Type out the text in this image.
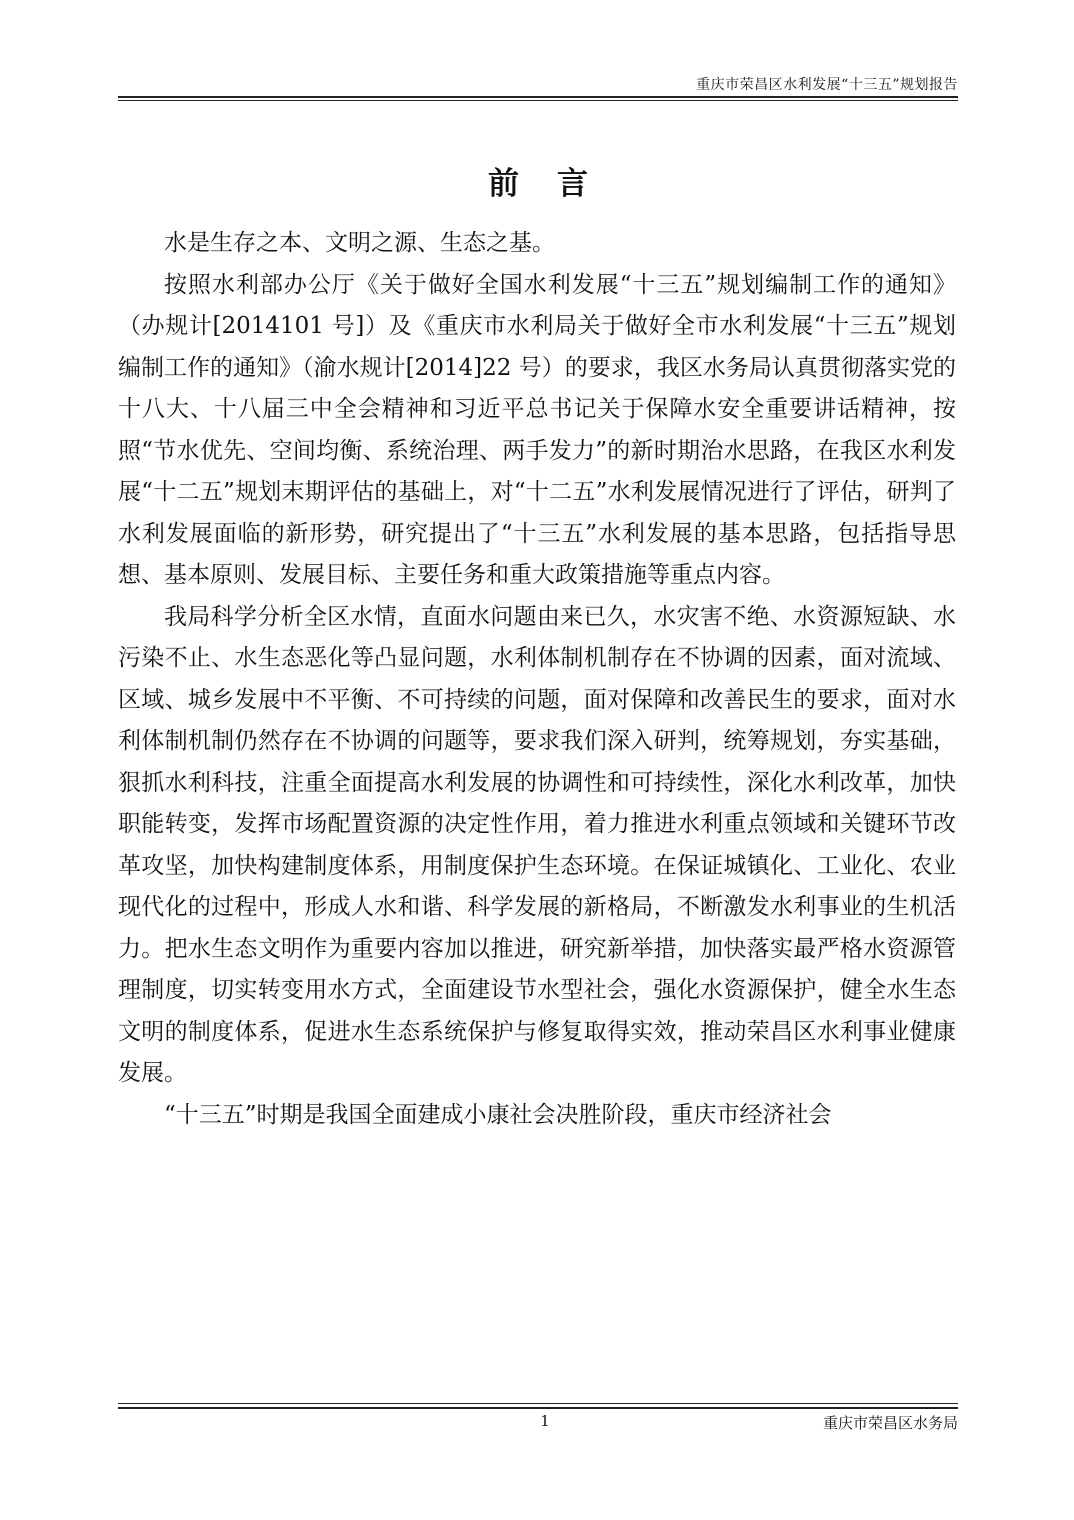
重庆市荣昌区水利发展“十三五”规划报告
前言

水是生存之本、文明之源、生态之基。

按照水利部办公厅《关于做好全国水利发展“十三五”规划编制工作的通知》（办规计[2014101 号]）及《重庆市水利局关于做好全市水利发展“十三五”规划编制工作的通知》（渝水规计[2014]22 号）的要求，我区水务局认真贯彻落实党的十八大、十八届三中全会精神和习近平总书记关于保障水安全重要讲话精神，按照“节水优先、空间均衡、系统治理、两手发力”的新时期治水思路，在我区水利发展“十二五”规划末期评估的基础上，对“十二五”水利发展情况进行了评估，研判了水利发展面临的新形势，研究提出了“十三五”水利发展的基本思路，包括指导思想、基本原则、发展目标、主要任务和重大政策措施等重点内容。

我局科学分析全区水情，直面水问题由来已久，水灾害不绝、水资源短缺、水污染不止、水生态恶化等凸显问题，水利体制机制存在不协调的因素，面对流域、区域、城乡发展中不平衡、不可持续的问题，面对保障和改善民生的要求，面对水利体制机制仍然存在不协调的问题等，要求我们深入研判，统筹规划，夯实基础，狠抓水利科技，注重全面提高水利发展的协调性和可持续性，深化水利改革，加快职能转变，发挥市场配置资源的决定性作用，着力推进水利重点领域和关键环节改革攻坚，加快构建制度体系，用制度保护生态环境。在保证城镇化、工业化、农业现代化的过程中，形成人水和谐、科学发展的新格局，不断激发水利事业的生机活力。把水生态文明作为重要内容加以推进，研究新举措，加快落实最严格水资源管理制度，切实转变用水方式，全面建设节水型社会，强化水资源保护，健全水生态文明的制度体系，促进水生态系统保护与修复取得实效，推动荣昌区水利事业健康发展。

“十三五”时期是我国全面建成小康社会决胜阶段，重庆市经济社会

1	重庆市荣昌区水务局
